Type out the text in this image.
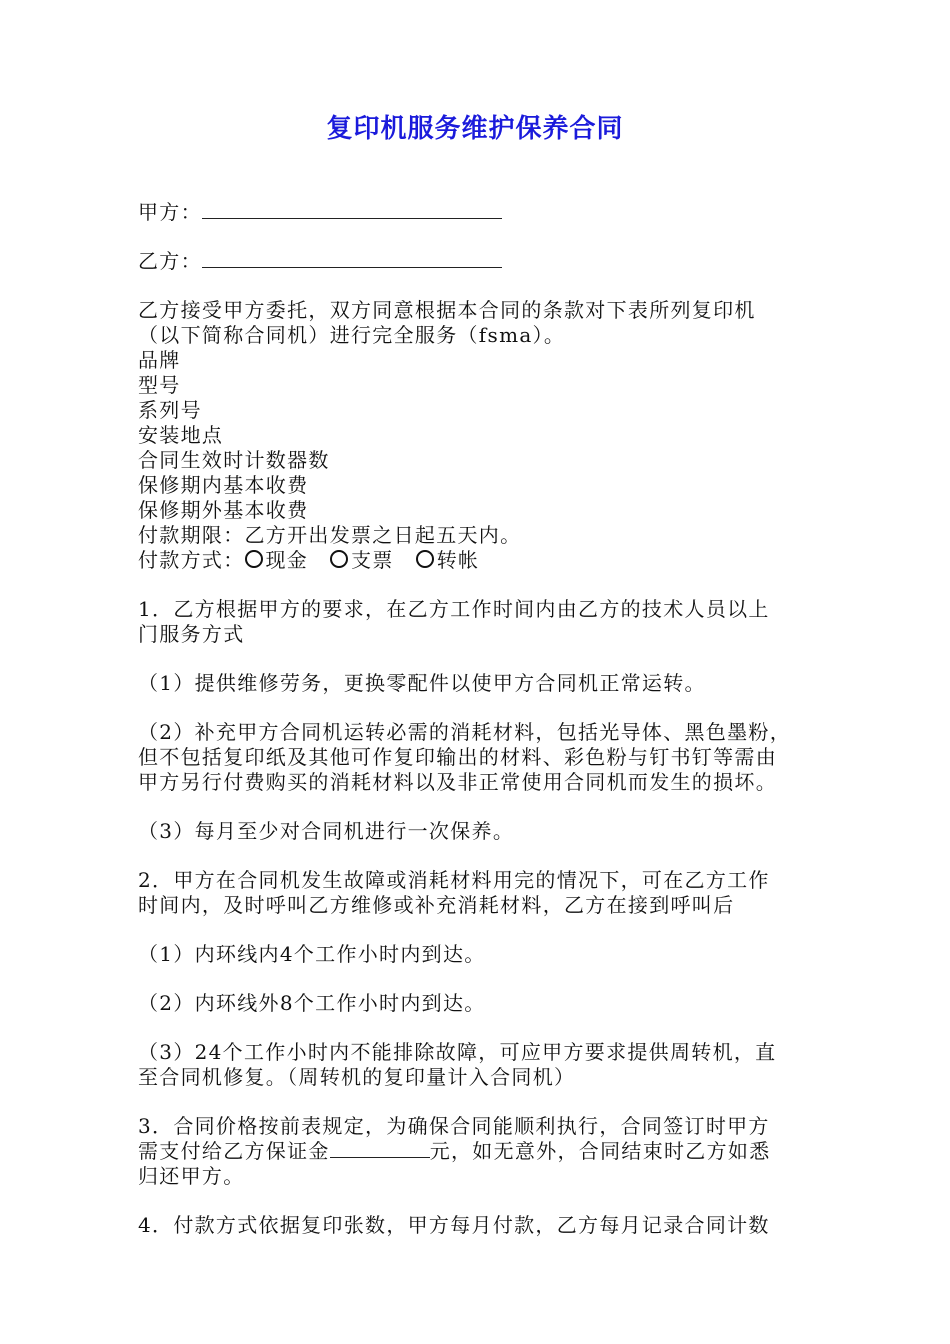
复印机服务维护保养合同

甲方：

乙方：

乙方接受甲方委托，双方同意根据本合同的条款对下表所列复印机
（以下简称合同机）进行完全服务（fsma）。
品牌
型号
系列号
安装地点
合同生效时计数器数
保修期内基本收费
保修期外基本收费
付款期限：乙方开出发票之日起五天内。
付款方式： 现金 支票 转帐

1．乙方根据甲方的要求，在乙方工作时间内由乙方的技术人员以上
门服务方式

（1）提供维修劳务，更换零配件以使甲方合同机正常运转。

（2）补充甲方合同机运转必需的消耗材料，包括光导体、黑色墨粉，
但不包括复印纸及其他可作复印输出的材料、彩色粉与钉书钉等需由
甲方另行付费购买的消耗材料以及非正常使用合同机而发生的损坏。

（3）每月至少对合同机进行一次保养。

2．甲方在合同机发生故障或消耗材料用完的情况下，可在乙方工作
时间内，及时呼叫乙方维修或补充消耗材料，乙方在接到呼叫后

（1）内环线内4个工作小时内到达。

（2）内环线外8个工作小时内到达。

（3）24个工作小时内不能排除故障，可应甲方要求提供周转机，直
至合同机修复。（周转机的复印量计入合同机）

3．合同价格按前表规定，为确保合同能顺利执行，合同签订时甲方
需支付给乙方保证金	元，如无意外，合同结束时乙方如悉
归还甲方。

4．付款方式依据复印张数，甲方每月付款，乙方每月记录合同计数
